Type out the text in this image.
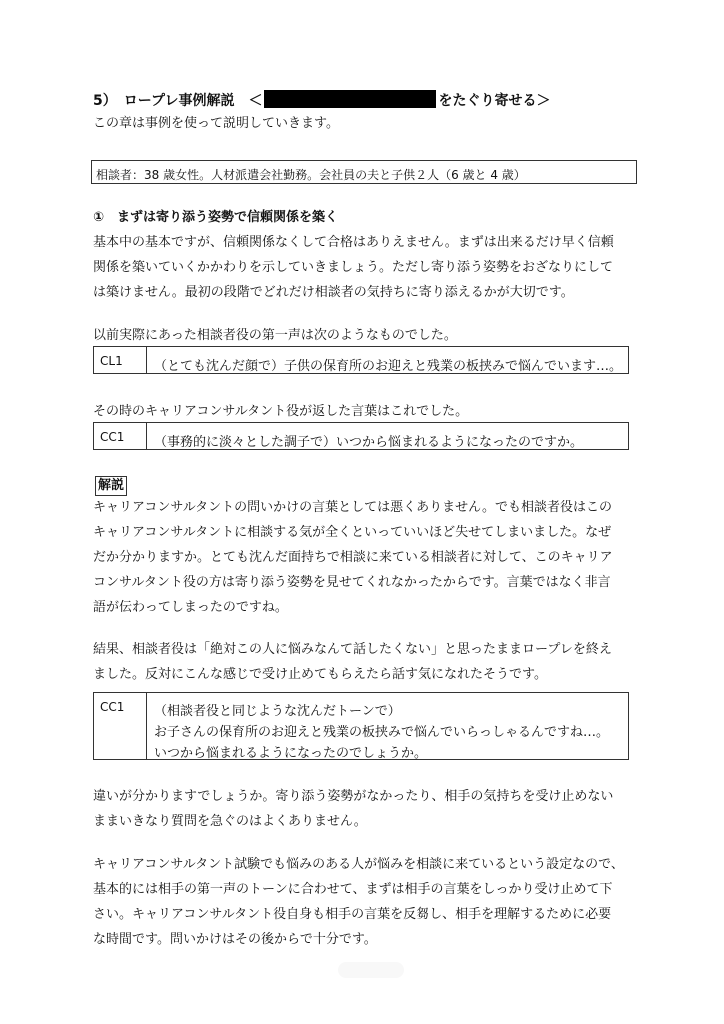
5）　ロープレ事例解説　＜	をたぐり寄せる＞
この章は事例を使って説明していきます。
相談者：38 歳女性。人材派遣会社勤務。会社員の夫と子供２人（6 歳と 4 歳）
①　まずは寄り添う姿勢で信頼関係を築く
基本中の基本ですが、信頼関係なくして合格はありえません。まずは出来るだけ早く信頼
関係を築いていくかかわりを示していきましょう。ただし寄り添う姿勢をおざなりにして
は築けません。最初の段階でどれだけ相談者の気持ちに寄り添えるかが大切です。
以前実際にあった相談者役の第一声は次のようなものでした。
CL1 （とても沈んだ顔で）子供の保育所のお迎えと残業の板挟みで悩んでいます…。
その時のキャリアコンサルタント役が返した言葉はこれでした。
CC1 （事務的に淡々とした調子で）いつから悩まれるようになったのですか。
解説
キャリアコンサルタントの問いかけの言葉としては悪くありません。でも相談者役はこの
キャリアコンサルタントに相談する気が全くといっていいほど失せてしまいました。なぜ
だか分かりますか。とても沈んだ面持ちで相談に来ている相談者に対して、このキャリア
コンサルタント役の方は寄り添う姿勢を見せてくれなかったからです。言葉ではなく非言
語が伝わってしまったのですね。
結果、相談者役は「絶対この人に悩みなんて話したくない」と思ったままロープレを終え
ました。反対にこんな感じで受け止めてもらえたら話す気になれたそうです。
CC1 （相談者役と同じような沈んだトーンで）
お子さんの保育所のお迎えと残業の板挟みで悩んでいらっしゃるんですね…。
いつから悩まれるようになったのでしょうか。
違いが分かりますでしょうか。寄り添う姿勢がなかったり、相手の気持ちを受け止めない
ままいきなり質問を急ぐのはよくありません。
キャリアコンサルタント試験でも悩みのある人が悩みを相談に来ているという設定なので、
基本的には相手の第一声のトーンに合わせて、まずは相手の言葉をしっかり受け止めて下
さい。キャリアコンサルタント役自身も相手の言葉を反芻し、相手を理解するために必要
な時間です。問いかけはその後からで十分です。
